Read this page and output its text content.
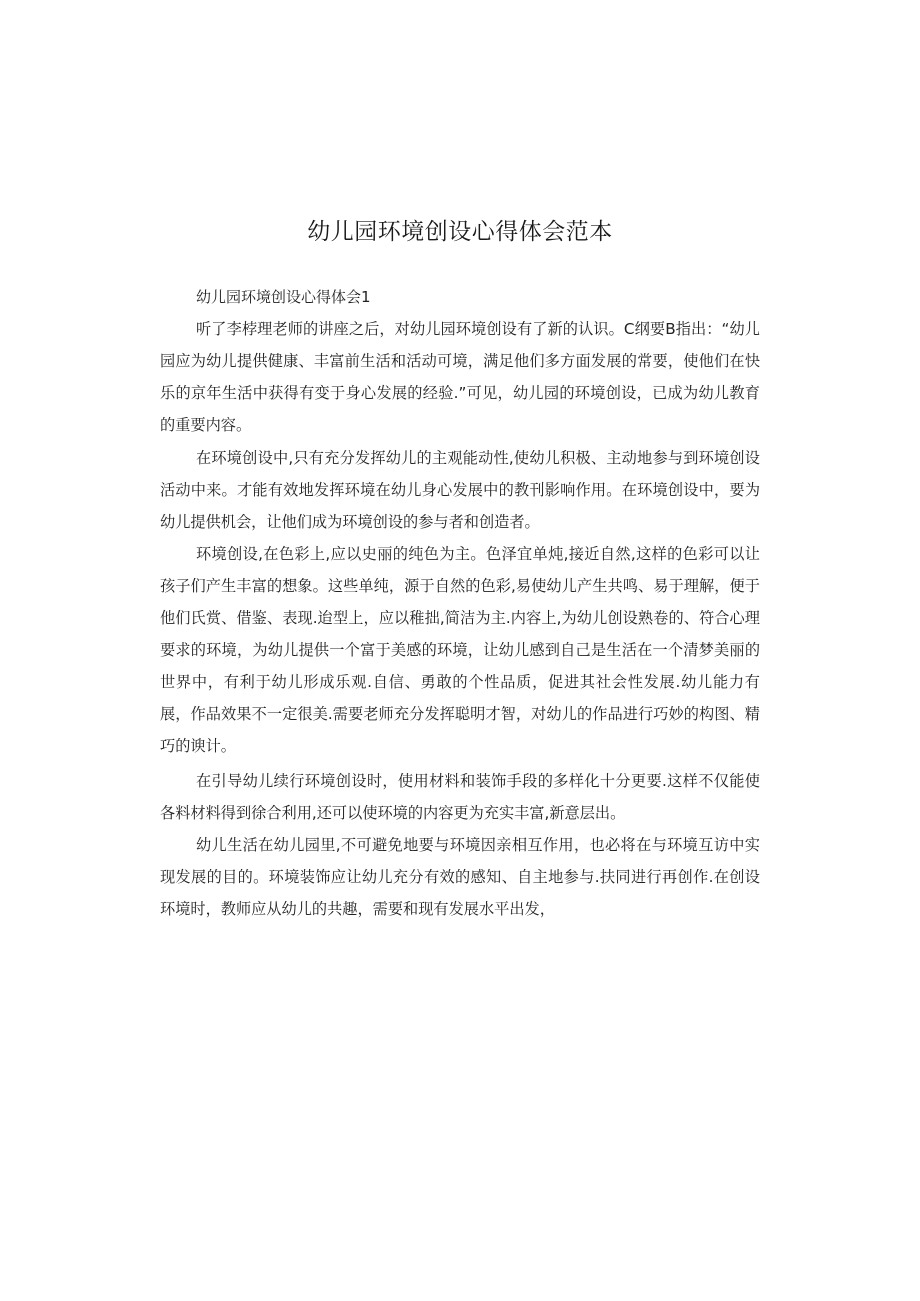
幼儿园环境创设心得体会范本
幼儿园环境创设心得体会1

听了李桲理老师的讲座之后，对幼儿园环境创设有了新的认识。C纲要B指出：“幼儿园应为幼儿提供健康、丰富前生活和活动可境，满足他们多方面发展的常要，使他们在快乐的京年生活中获得有变于身心发展的经验.”可见，幼儿园的环境创设，已成为幼儿教育的重要内容。

在环境创设中,只有充分发挥幼儿的主观能动性,使幼儿积极、主动地参与到环境创设活动中来。才能有效地发挥环境在幼儿身心发展中的教刊影响作用。在环境创设中，要为幼儿提供机会，让他们成为环境创设的参与者和创造者。

环境创设,在色彩上,应以史丽的纯色为主。色泽宜单炖,接近自然,这样的色彩可以让孩子们产生丰富的想象。这些单纯，源于自然的色彩,易使幼儿产生共鸣、易于理解，便于他们氏赏、借鉴、表现.迨型上，应以稚拙,简洁为主.内容上,为幼儿创设熟卷的、符合心理要求的环境，为幼儿提供一个富于美感的环境，让幼儿感到自己是生活在一个清梦美丽的世界中，有利于幼儿形成乐观.自信、勇敢的个性品质，促进其社会性发展.幼儿能力有展，作品效果不一定很美.需要老师充分发挥聪明才智，对幼儿的作品进行巧妙的构图、精巧的谀计。

在引导幼儿续行环境创设时，使用材料和装饰手段的多样化十分更要.这样不仅能使各料材料得到徐合利用,还可以使环境的内容更为充实丰富,新意层出。

幼儿生活在幼儿园里,不可避免地要与环境因亲相互作用，也必将在与环境互访中实现发展的目的。环境装饰应让幼儿充分有效的感知、自主地参与.扶同进行再创作.在创设环境时，教师应从幼儿的共趣，需要和现有发展水平出发，
